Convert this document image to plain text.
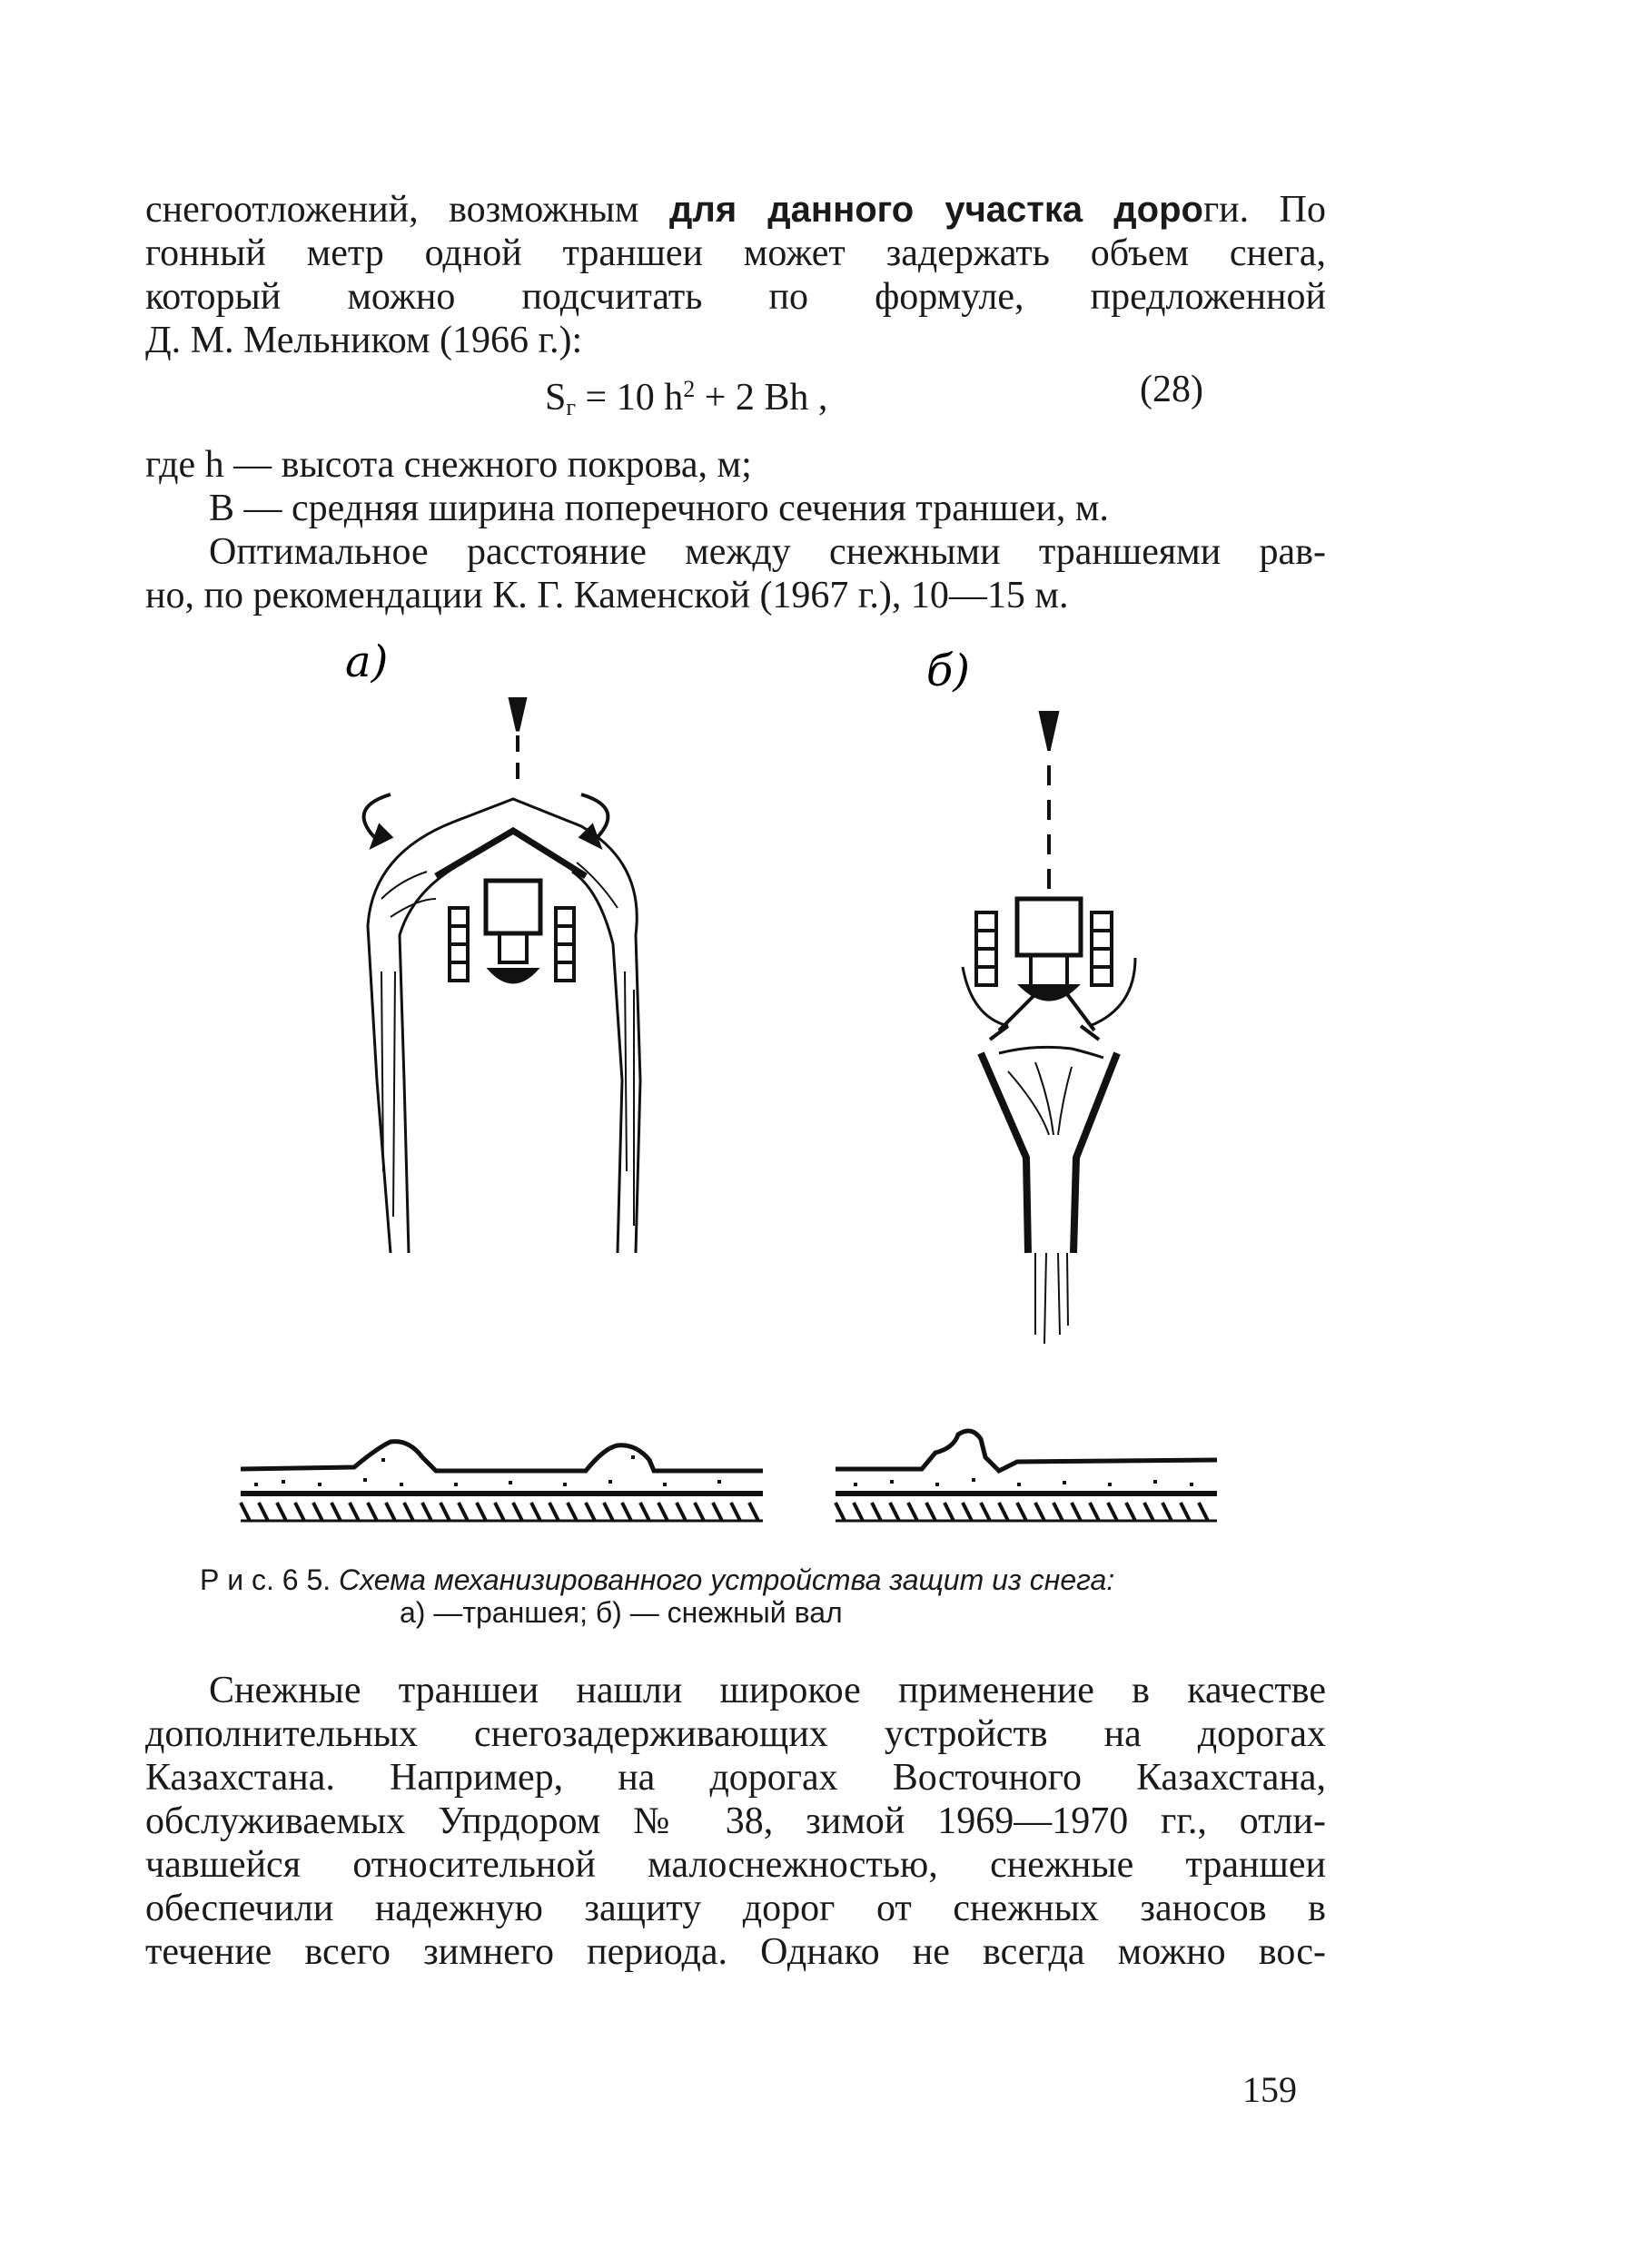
снегоотложений, возможным для данного участка дороги. По
гонный метр одной траншеи может задержать объем снега,
который можно подсчитать по формуле, предложенной
Д. М. Мельником (1966 г.):
$S_г = 10$ $h^2 + 2$ Bh ,	(28)
где h — высота снежного покрова, м;
B — средняя ширина поперечного сечения траншеи, м.
Оптимальное расстояние между снежными траншеями рав-
но, по рекомендации К. Г. Каменской (1967 г.), 10—15 м.
а)	б)
Р и с. 6 5. Схема механизированного устройства защит из снега:
а) —траншея; б) — снежный вал
Снежные траншеи нашли широкое применение в качестве
дополнительных снегозадерживающих устройств на дорогах
Казахстана. Например, на дорогах Восточного Казахстана,
обслуживаемых Упрдором № 38, зимой 1969—1970 гг., отли-
чавшейся относительной малоснежностью, снежные траншеи
обеспечили надежную защиту дорог от снежных заносов в
течение всего зимнего периода. Однако не всегда можно вос-
159
